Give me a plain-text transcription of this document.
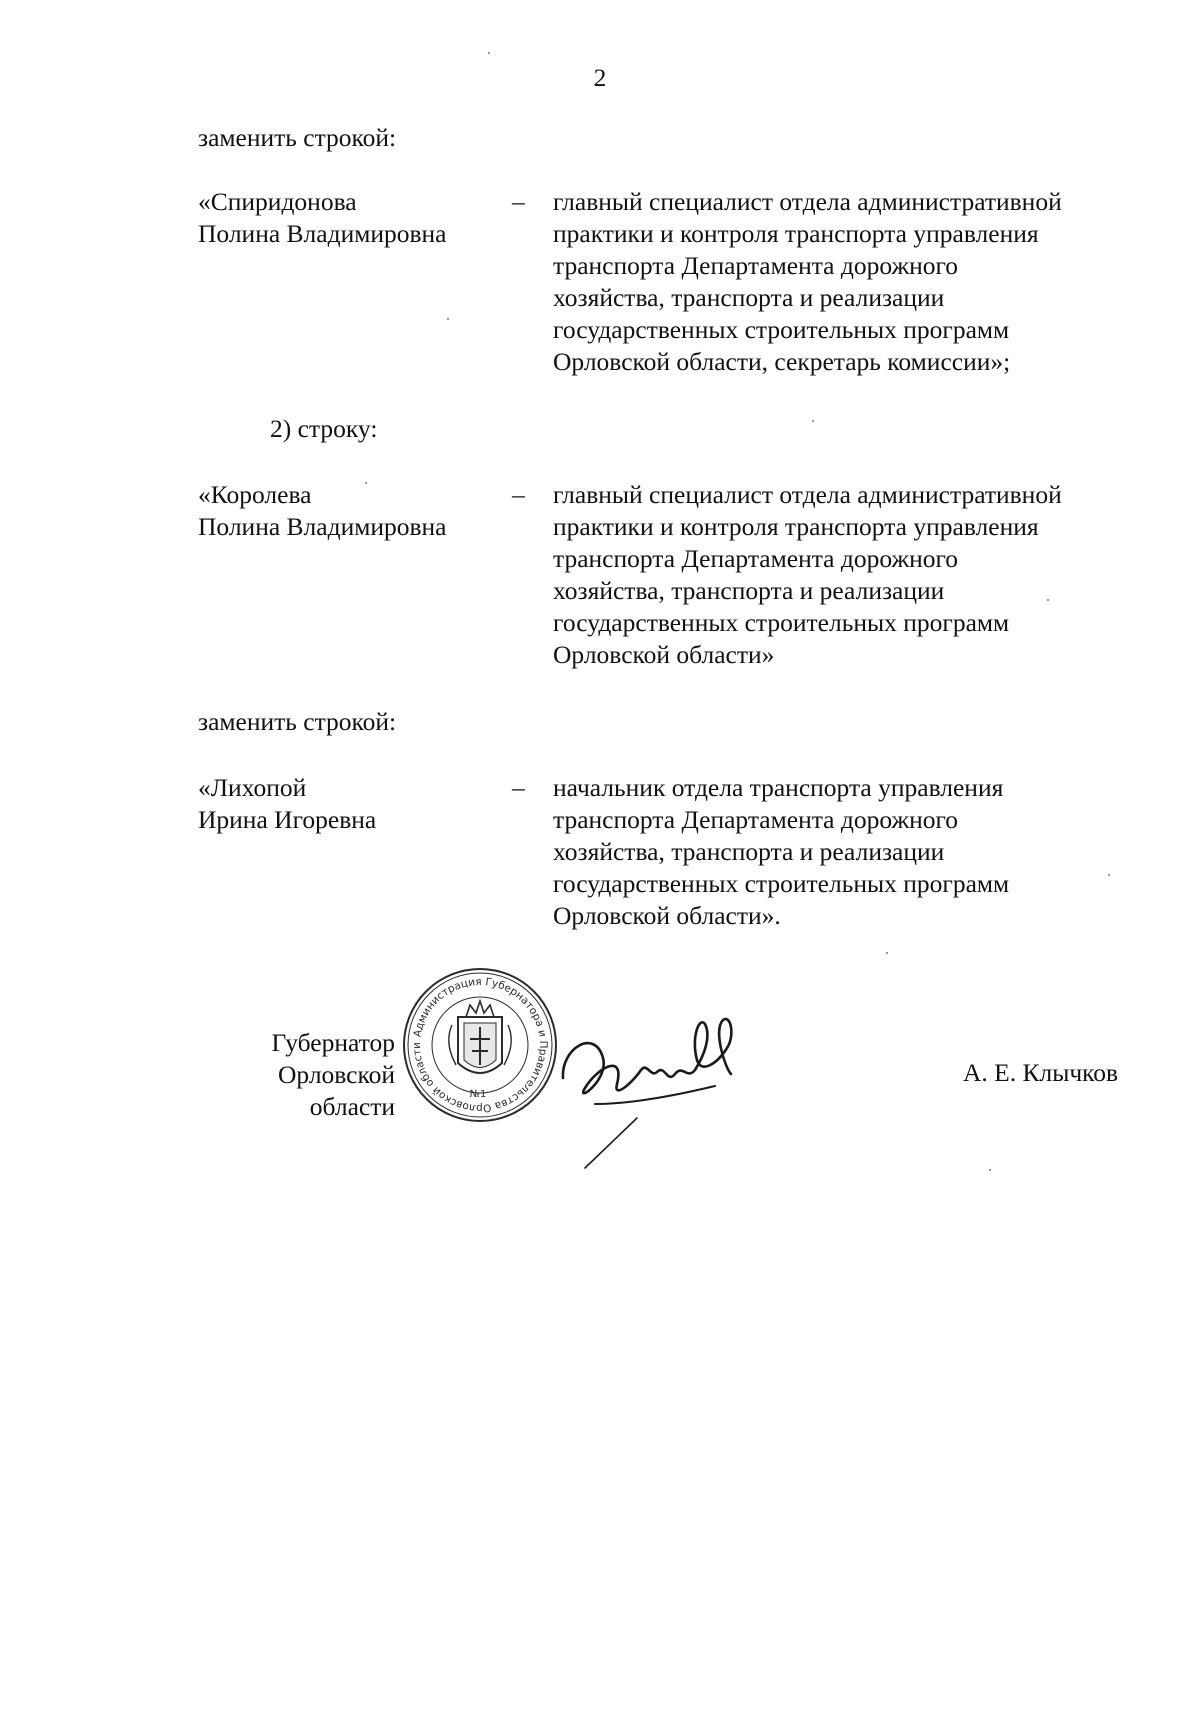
2
заменить строкой:
«Спиридонова
Полина Владимировна
– главный специалист отдела административной
практики и контроля транспорта управления
транспорта Департамента дорожного
хозяйства, транспорта и реализации
государственных строительных программ
Орловской области, секретарь комиссии»;
2) строку:
«Королева
Полина Владимировна
– главный специалист отдела административной
практики и контроля транспорта управления
транспорта Департамента дорожного
хозяйства, транспорта и реализации
государственных строительных программ
Орловской области»
заменить строкой:
«Лихопой
Ирина Игоревна
– начальник отдела транспорта управления
транспорта Департамента дорожного
хозяйства, транспорта и реализации
государственных строительных программ
Орловской области».
Администрация Губернатора и Правительства Орловской области
№1
Губернатор
Орловской области
А. Е. Клычков
